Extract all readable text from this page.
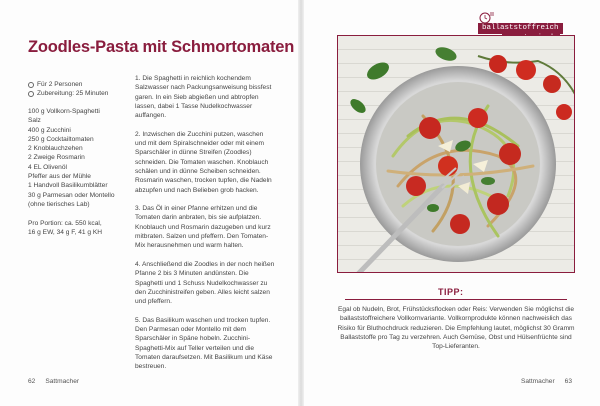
Zoodles-Pasta mit Schmortomaten
Für 2 Personen
Zubereitung: 25 Minuten
100 g Vollkorn-Spaghetti
Salz
400 g Zucchini
250 g Cocktailtomaten
2 Knoblauchzehen
2 Zweige Rosmarin
4 EL Olivenöl
Pfeffer aus der Mühle
1 Handvoll Basilikumblätter
30 g Parmesan oder Montello
(ohne tierisches Lab)
Pro Portion: ca. 550 kcal,
16 g EW, 34 g F, 41 g KH

1. Die Spaghetti in reichlich kochendem Salzwasser nach Packungsanweisung bissfest garen. In ein Sieb abgießen und abtropfen lassen, dabei 1 Tasse Nudelkochwasser auffangen.

2. Inzwischen die Zucchini putzen, waschen und mit dem Spiralschneider oder mit einem Sparschäler in dünne Streifen (Zoodles) schneiden. Die Tomaten waschen. Knoblauch schälen und in dünne Scheiben schneiden. Rosmarin waschen, trocken tupfen, die Nadeln abzupfen und nach Belieben grob hacken.

3. Das Öl in einer Pfanne erhitzen und die Tomaten darin anbraten, bis sie aufplatzen. Knoblauch und Rosmarin dazugeben und kurz mitbraten. Salzen und pfeffern. Den Tomaten-Mix herausnehmen und warm halten.

4. Anschließend die Zoodles in der noch heißen Pfanne 2 bis 3 Minuten andünsten. Die Spaghetti und 1 Schuss Nudelkochwasser zu den Zucchinistreifen geben. Alles leicht salzen und pfeffern.

5. Das Basilikum waschen und trocken tupfen. Den Parmesan oder Montello mit dem Sparschäler in Späne hobeln. Zucchini-Spaghetti-Mix auf Teller verteilen und die Tomaten daraufsetzen. Mit Basilikum und Käse bestreuen.

62 Sattmacher
ballaststoffreich
TIPP:

Egal ob Nudeln, Brot, Frühstücksflocken oder Reis: Verwenden Sie möglichst die ballaststoffreichere Vollkornvariante. Vollkornprodukte können nachweislich das Risiko für Bluthochdruck reduzieren. Die Empfehlung lautet, möglichst 30 Gramm Ballaststoffe pro Tag zu verzehren. Auch Gemüse, Obst und Hülsenfrüchte sind Top-Lieferanten.

Sattmacher 63
